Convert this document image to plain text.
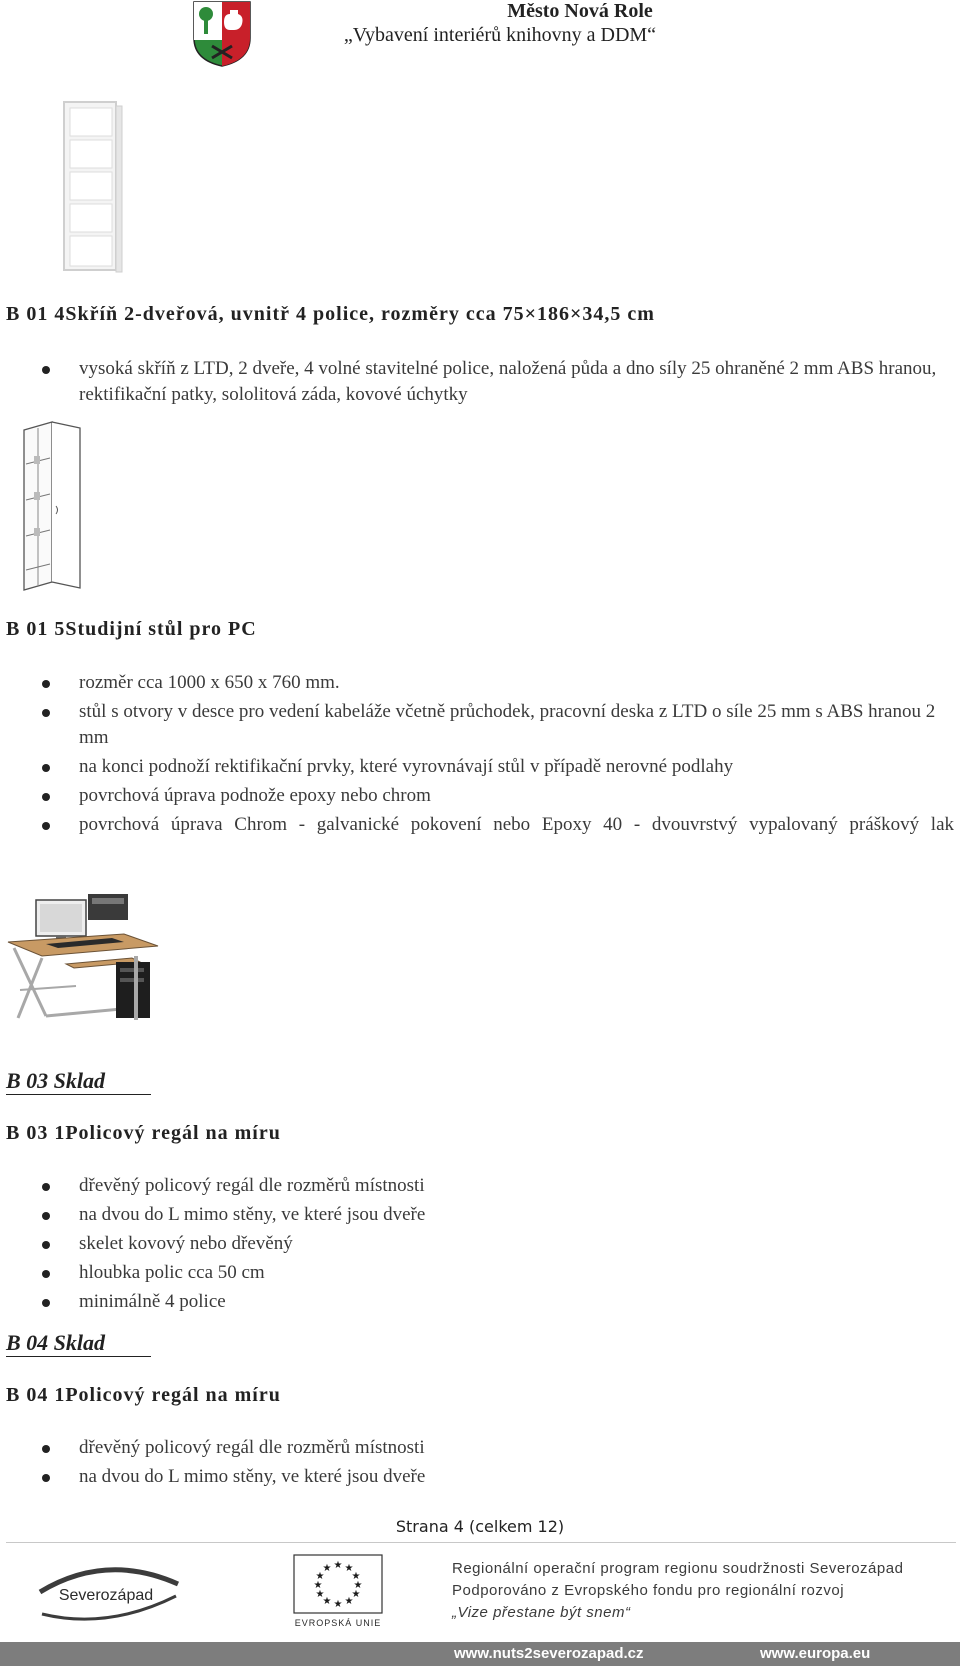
Město Nová Role
„Vybavení interiérů knihovny a DDM“
B 01 4Skříň 2-dveřová, uvnitř 4 police, rozměry cca 75×186×34,5 cm
vysoká skříň z LTD, 2 dveře, 4 volné stavitelné police, naložená půda a dno síly 25 ohraněné 2 mm ABS hranou, rektifikační patky, sololitová záda, kovové úchytky
B 01 5Studijní stůl pro PC
rozměr cca 1000 x 650 x 760 mm.
stůl s otvory v desce pro vedení kabeláže včetně průchodek, pracovní deska z LTD o síle 25 mm s ABS hranou 2 mm
na konci podnoží rektifikační prvky, které vyrovnávají stůl v případě nerovné podlahy
povrchová úprava podnože epoxy nebo chrom
povrchová úprava Chrom - galvanické pokovení nebo Epoxy 40 - dvouvrstvý vypalovaný práškový lak
B 03 Sklad
B 03 1Policový regál na míru
dřevěný policový regál dle rozměrů místnosti
na dvou do L mimo stěny, ve které jsou dveře
skelet kovový nebo dřevěný
hloubka polic cca 50 cm
minimálně 4 police
B 04 Sklad
B 04 1Policový regál na míru
dřevěný policový regál dle rozměrů místnosti
na dvou do L mimo stěny, ve které jsou dveře
Strana 4 (celkem 12)
Severozápad
★ ★
★
★
★
★
★
★
★
★
★
★
EVROPSKÁ UNIE
Regionální operační program regionu soudržnosti Severozápad
Podporováno z Evropského fondu pro regionální rozvoj
„Vize přestane být snem“
www.nuts2severozapad.cz	www.europa.eu
